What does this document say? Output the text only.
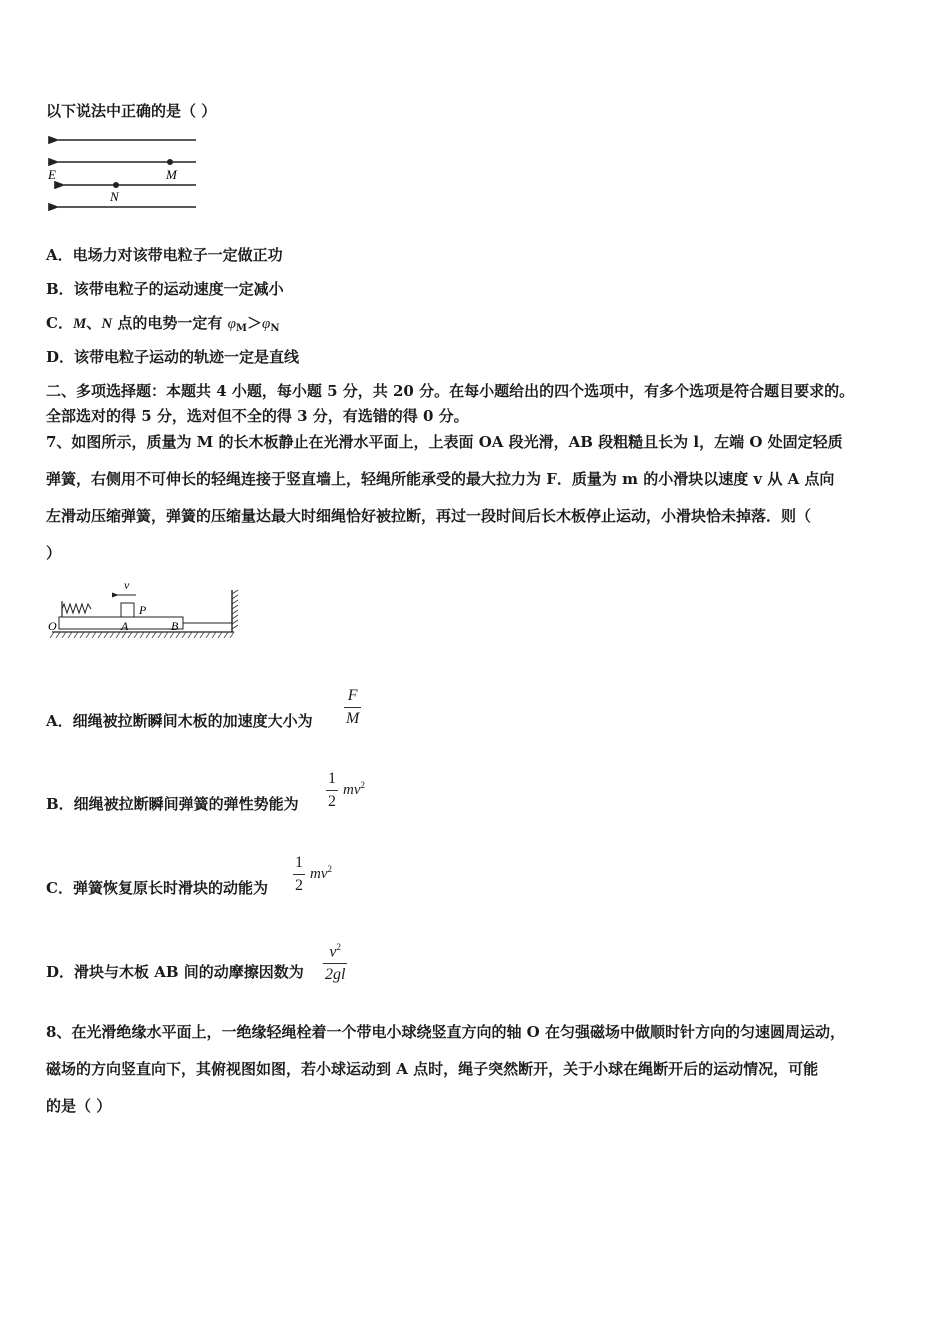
以下说法中正确的是（ ）
E	M
N
A．电场力对该带电粒子一定做正功
B．该带电粒子的运动速度一定减小
C．M、N 点的电势一定有 $\varphi_M>\varphi_N$
D．该带电粒子运动的轨迹一定是直线
二、多项选择题：本题共 4 小题，每小题 5 分，共 20 分。在每小题给出的四个选项中，有多个选项是符合题目要求的。
全部选对的得 5 分，选对但不全的得 3 分，有选错的得 0 分。
7、如图所示，质量为 M 的长木板静止在光滑水平面上，上表面 OA 段光滑，AB 段粗糙且长为 l，左端 O 处固定轻质
弹簧，右侧用不可伸长的轻绳连接于竖直墙上，轻绳所能承受的最大拉力为 F．质量为 m 的小滑块以速度 v 从 A 点向
左滑动压缩弹簧，弹簧的压缩量达最大时细绳恰好被拉断，再过一段时间后长木板停止运动，小滑块恰未掉落．则（
）
v
P
O	A	B
A．细绳被拉断瞬间木板的加速度大小为 $\frac{F}{M}$
B．细绳被拉断瞬间弹簧的弹性势能为 $\frac{1}{2} mv^2$
C．弹簧恢复原长时滑块的动能为 $\frac{1}{2} mv^2$
D．滑块与木板 AB 间的动摩擦因数为 $\frac{v^2}{2gl}$
8、在光滑绝缘水平面上，一绝缘轻绳栓着一个带电小球绕竖直方向的轴 O 在匀强磁场中做顺时针方向的匀速圆周运动，
磁场的方向竖直向下，其俯视图如图，若小球运动到 A 点时，绳子突然断开，关于小球在绳断开后的运动情况，可能
的是（ ）
